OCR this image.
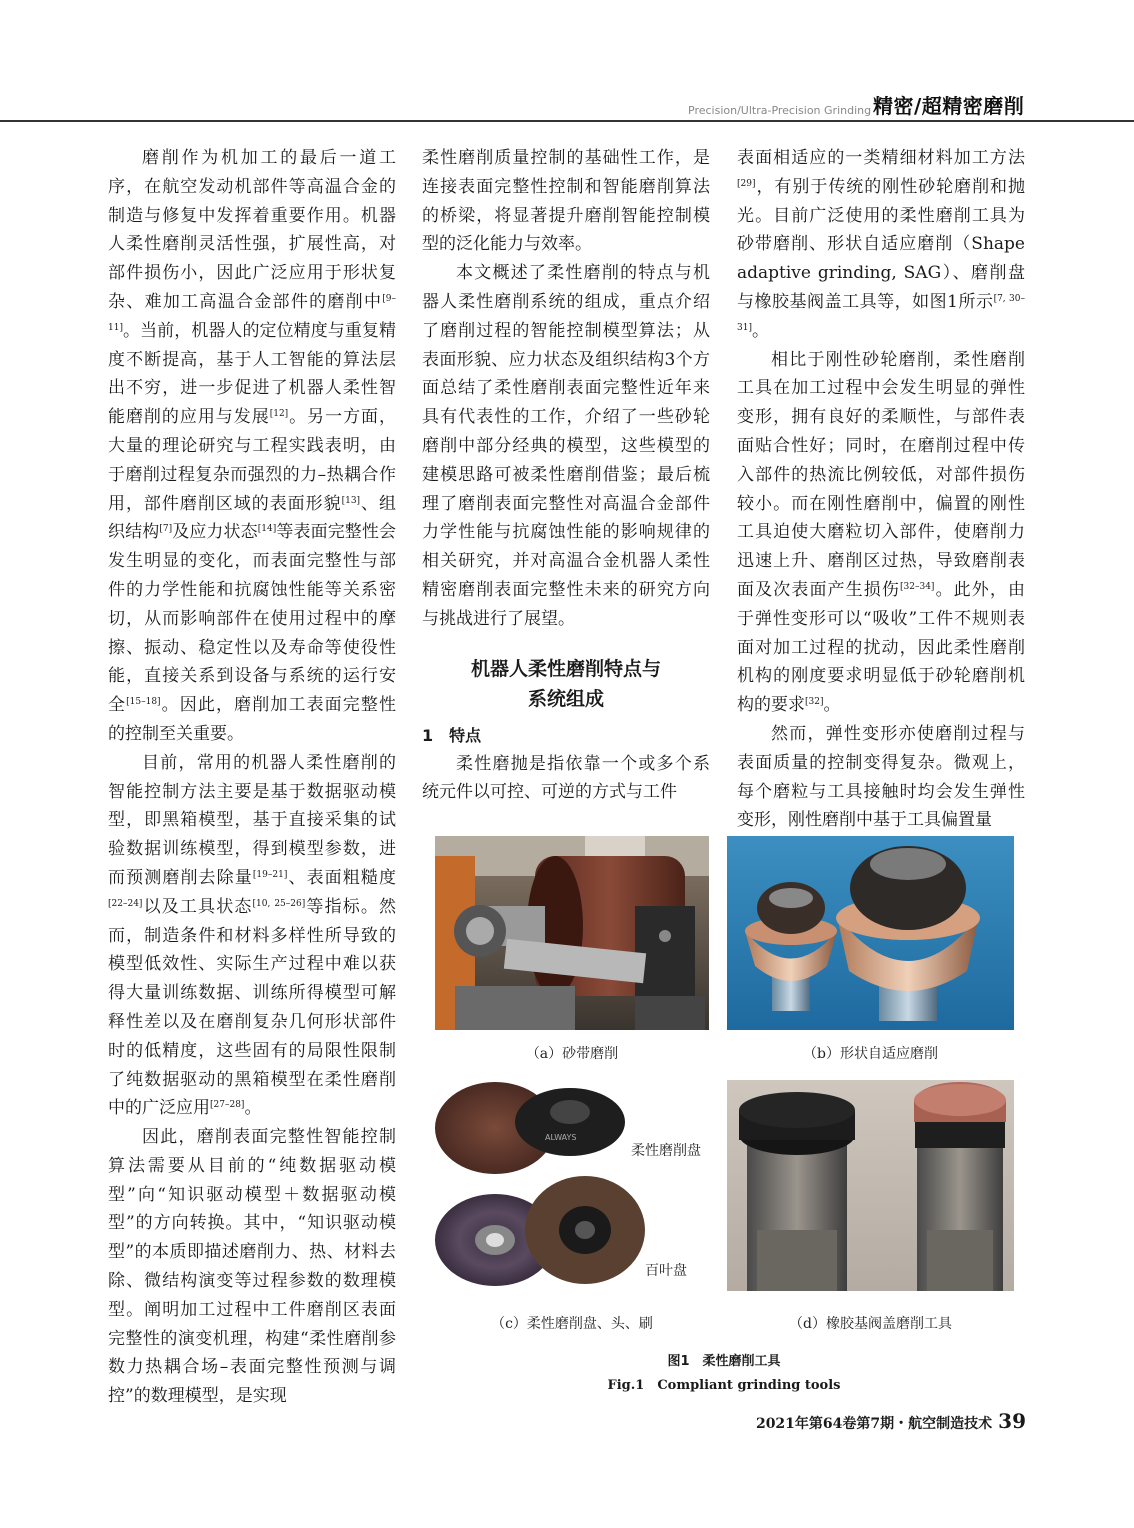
Precision/Ultra-Precision Grinding 精密/超精密磨削

磨削作为机加工的最后一道工序，在航空发动机部件等高温合金的制造与修复中发挥着重要作用。机器人柔性磨削灵活性强，扩展性高，对部件损伤小，因此广泛应用于形状复杂、难加工高温合金部件的磨削中[9–11]。当前，机器人的定位精度与重复精度不断提高，基于人工智能的算法层出不穷，进一步促进了机器人柔性智能磨削的应用与发展[12]。另一方面，大量的理论研究与工程实践表明，由于磨削过程复杂而强烈的力–热耦合作用，部件磨削区域的表面形貌[13]、组织结构[7]及应力状态[14]等表面完整性会发生明显的变化，而表面完整性与部件的力学性能和抗腐蚀性能等关系密切，从而影响部件在使用过程中的摩擦、振动、稳定性以及寿命等使役性能，直接关系到设备与系统的运行安全[15–18]。因此，磨削加工表面完整性的控制至关重要。

目前，常用的机器人柔性磨削的智能控制方法主要是基于数据驱动模型，即黑箱模型，基于直接采集的试验数据训练模型，得到模型参数，进而预测磨削去除量[19–21]、表面粗糙度[22–24]以及工具状态[10, 25–26]等指标。然而，制造条件和材料多样性所导致的模型低效性、实际生产过程中难以获得大量训练数据、训练所得模型可解释性差以及在磨削复杂几何形状部件时的低精度，这些固有的局限性限制了纯数据驱动的黑箱模型在柔性磨削中的广泛应用[27–28]。

因此，磨削表面完整性智能控制算法需要从目前的“纯数据驱动模型”向“知识驱动模型＋数据驱动模型”的方向转换。其中，“知识驱动模型”的本质即描述磨削力、热、材料去除、微结构演变等过程参数的数理模型。阐明加工过程中工件磨削区表面完整性的演变机理，构建“柔性磨削参数力热耦合场–表面完整性预测与调控”的数理模型，是实现

柔性磨削质量控制的基础性工作，是连接表面完整性控制和智能磨削算法的桥梁，将显著提升磨削智能控制模型的泛化能力与效率。

本文概述了柔性磨削的特点与机器人柔性磨削系统的组成，重点介绍了磨削过程的智能控制模型算法；从表面形貌、应力状态及组织结构3个方面总结了柔性磨削表面完整性近年来具有代表性的工作，介绍了一些砂轮磨削中部分经典的模型，这些模型的建模思路可被柔性磨削借鉴；最后梳理了磨削表面完整性对高温合金部件力学性能与抗腐蚀性能的影响规律的相关研究，并对高温合金机器人柔性精密磨削表面完整性未来的研究方向与挑战进行了展望。

机器人柔性磨削特点与
系统组成
1　特点

柔性磨抛是指依靠一个或多个系统元件以可控、可逆的方式与工件

表面相适应的一类精细材料加工方法[29]，有别于传统的刚性砂轮磨削和抛光。目前广泛使用的柔性磨削工具为砂带磨削、形状自适应磨削（Shape adaptive grinding, SAG）、磨削盘与橡胶基阀盖工具等，如图1所示[7, 30–31]。

相比于刚性砂轮磨削，柔性磨削工具在加工过程中会发生明显的弹性变形，拥有良好的柔顺性，与部件表面贴合性好；同时，在磨削过程中传入部件的热流比例较低，对部件损伤较小。而在刚性磨削中，偏置的刚性工具迫使大磨粒切入部件，使磨削力迅速上升、磨削区过热，导致磨削表面及次表面产生损伤[32–34]。此外，由于弹性变形可以“吸收”工件不规则表面对加工过程的扰动，因此柔性磨削机构的刚度要求明显低于砂轮磨削机构的要求[32]。

然而，弹性变形亦使磨削过程与表面质量的控制变得复杂。微观上，每个磨粒与工具接触时均会发生弹性变形，刚性磨削中基于工具偏置量

（a）砂带磨削	（b）形状自适应磨削
ALWAYS
柔性磨削盘
百叶盘
（c）柔性磨削盘、头、刷	（d）橡胶基阀盖磨削工具
图1　柔性磨削工具
Fig.1　Compliant grinding tools
2021年第64卷第7期・航空制造技术 39
